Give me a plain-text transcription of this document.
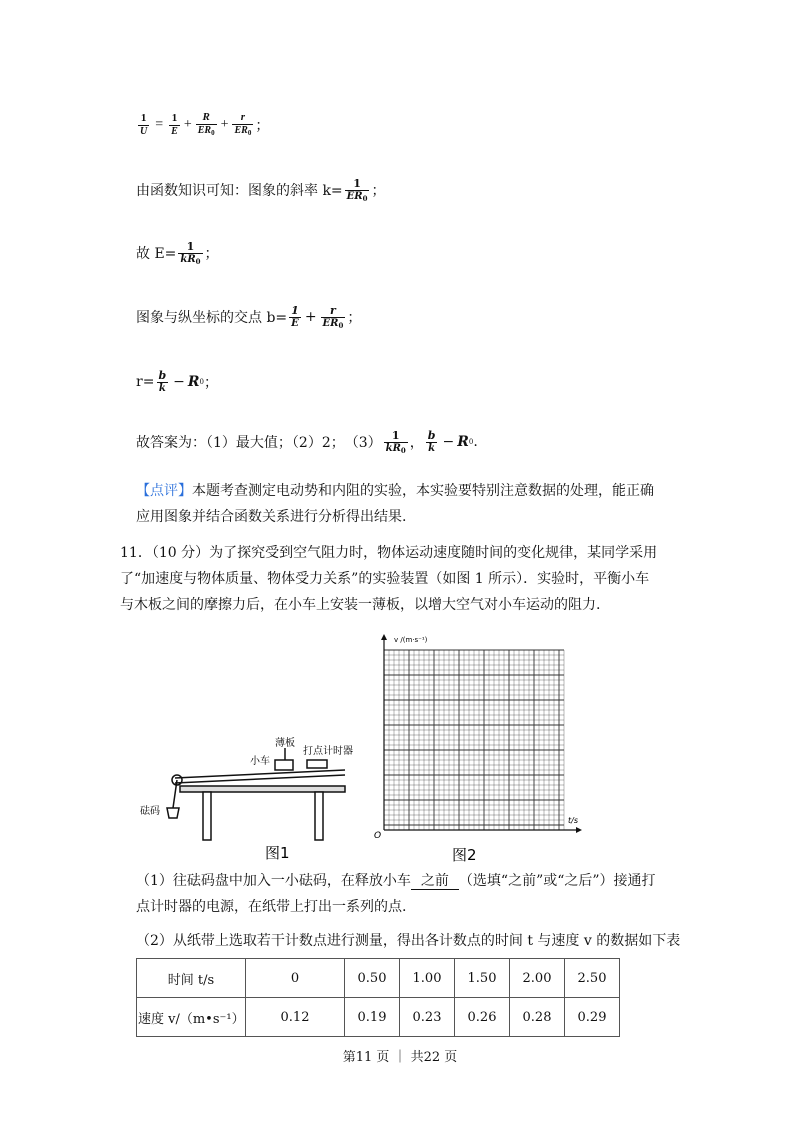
$\frac{1}{U} = \frac{1}{E} + \frac{R}{ER_0} + \frac{r}{ER_0}$ ；
由函数知识可知：图象的斜率 $k= \frac{1}{ER_0}$ ；
故 $E= \frac{1}{kR_0}$ ；
图象与纵坐标的交点 $b= \frac{1}{E} + \frac{r}{ER_0}$ ；
$r= \frac{b}{k} - R$ 0 ；
故答案为：（1）最大值；（2）2；　$(3) \frac{1}{kR_0}$ ， $\frac{b}{k} - R$ 0 .
【点评】本题考查测定电动势和内阻的实验，本实验要特别注意数据的处理，能正确应用图象并结合函数关系进行分析得出结果.
11．（10 分）为了探究受到空气阻力时，物体运动速度随时间的变化规律，某同学采用了“加速度与物体质量、物体受力关系”的实验装置（如图 1 所示）．实验时，平衡小车与木板之间的摩擦力后，在小车上安装一薄板，以增大空气对小车运动的阻力.
薄板
小车
打点计时器
砝码
图1
v /(m·s⁻¹)
t/s
O
图2
（1）往砝码盘中加入一小砝码，在释放小车 之前 （选填“之前”或“之后”）接通打点计时器的电源，在纸带上打出一系列的点.
（2）从纸带上选取若干计数点进行测量，得出各计数点的时间 t 与速度 v 的数据如下表
时间 t/s	0	0.50	1.00	1.50	2.00	2.50
速度 v/（m•s⁻¹）	0.12	0.19	0.23	0.26	0.28	0.29
第11 页 ｜ 共22 页
